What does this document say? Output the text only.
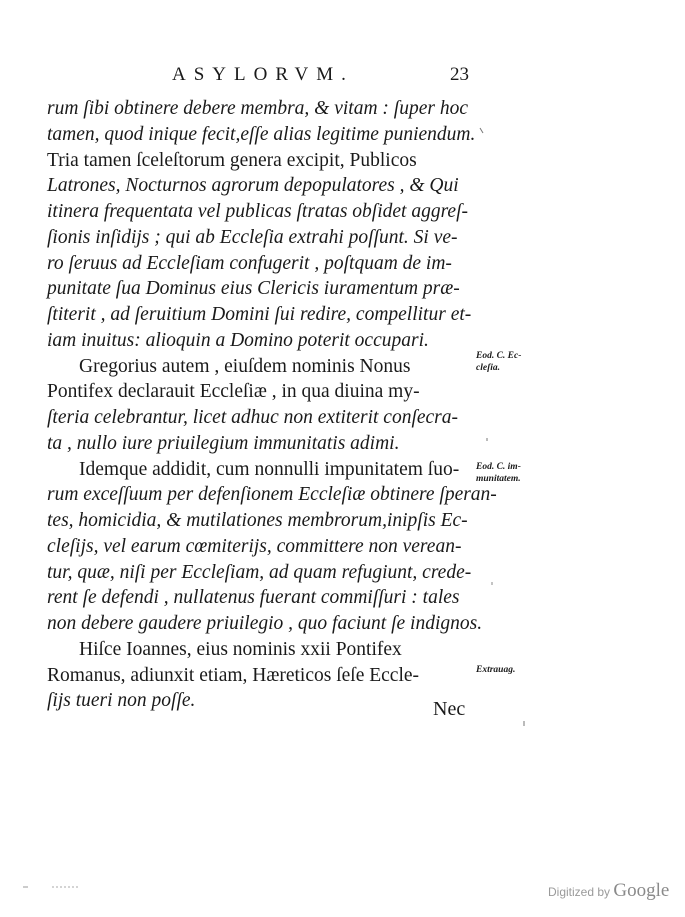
ASYLORVM.	23
rum ſibi obtinere debere membra, & vitam : ſuper hoc
tamen, quod inique fecit,eſſe alias legitime puniendum.
Tria tamen ſceleſtorum genera excipit, Publicos
Latrones, Nocturnos agrorum depopulatores , & Qui
itinera frequentata vel publicas ſtratas obſidet aggreſ-
ſionis inſidijs ; qui ab Eccleſia extrahi poſſunt. Si ve-
ro ſeruus ad Eccleſiam confugerit , poſtquam de im-
punitate ſua Dominus eius Clericis iuramentum præ-
ſtiterit , ad ſeruitium Domini ſui redire, compellitur et-
iam inuitus: alioquin a Domino poterit occupari.
Gregorius autem , eiuſdem nominis Nonus
Pontifex declarauit Eccleſiæ , in qua diuina my-
ſteria celebrantur, licet adhuc non extiterit conſecra-
ta , nullo iure priuilegium immunitatis adimi.
Idemque addidit, cum nonnulli impunitatem ſuo-
rum exceſſuum per defenſionem Eccleſiæ obtinere ſperan-
tes, homicidia, & mutilationes membrorum,inipſis Ec-
cleſijs, vel earum cœmiterijs, committere non verean-
tur, quæ, niſi per Eccleſiam, ad quam refugiunt, crede-
rent ſe defendi , nullatenus fuerant commiſſuri : tales
non debere gaudere priuilegio , quo faciunt ſe indignos.
Hiſce Ioannes, eius nominis xxii Pontifex
Romanus, adiunxit etiam, Hæreticos ſeſe Eccle-
ſijs tueri non poſſe.
Eod. C. Ec-
cleſia.
Eod. C. im-
munitatem.
Extrauag.
Nec
Digitized by Google
